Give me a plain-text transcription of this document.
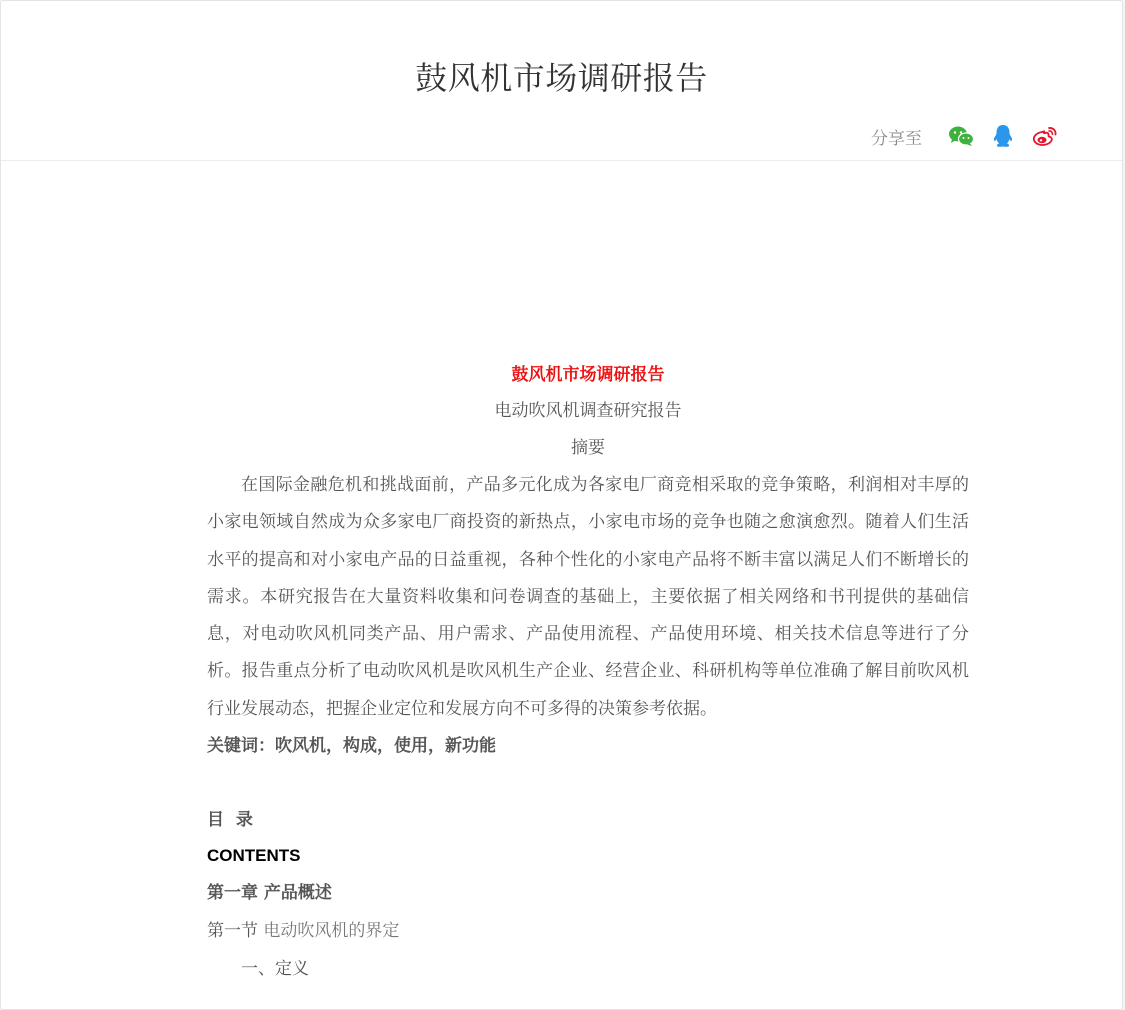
鼓风机市场调研报告
分享至

鼓风机市场调研报告

电动吹风机调查研究报告

摘要

在国际金融危机和挑战面前，产品多元化成为各家电厂商竞相采取的竞争策略，利润相对丰厚的小家电领域自然成为众多家电厂商投资的新热点，小家电市场的竞争也随之愈演愈烈。随着人们生活水平的提高和对小家电产品的日益重视，各种个性化的小家电产品将不断丰富以满足人们不断增长的需求。本研究报告在大量资料收集和问卷调查的基础上，主要依据了相关网络和书刊提供的基础信息，对电动吹风机同类产品、用户需求、产品使用流程、产品使用环境、相关技术信息等进行了分析。报告重点分析了电动吹风机是吹风机生产企业、经营企业、科研机构等单位准确了解目前吹风机行业发展动态，把握企业定位和发展方向不可多得的决策参考依据。

关键词：吹风机，构成，使用，新功能

目  录

CONTENTS

第一章 产品概述

第一节 电动吹风机的界定

一、定义
